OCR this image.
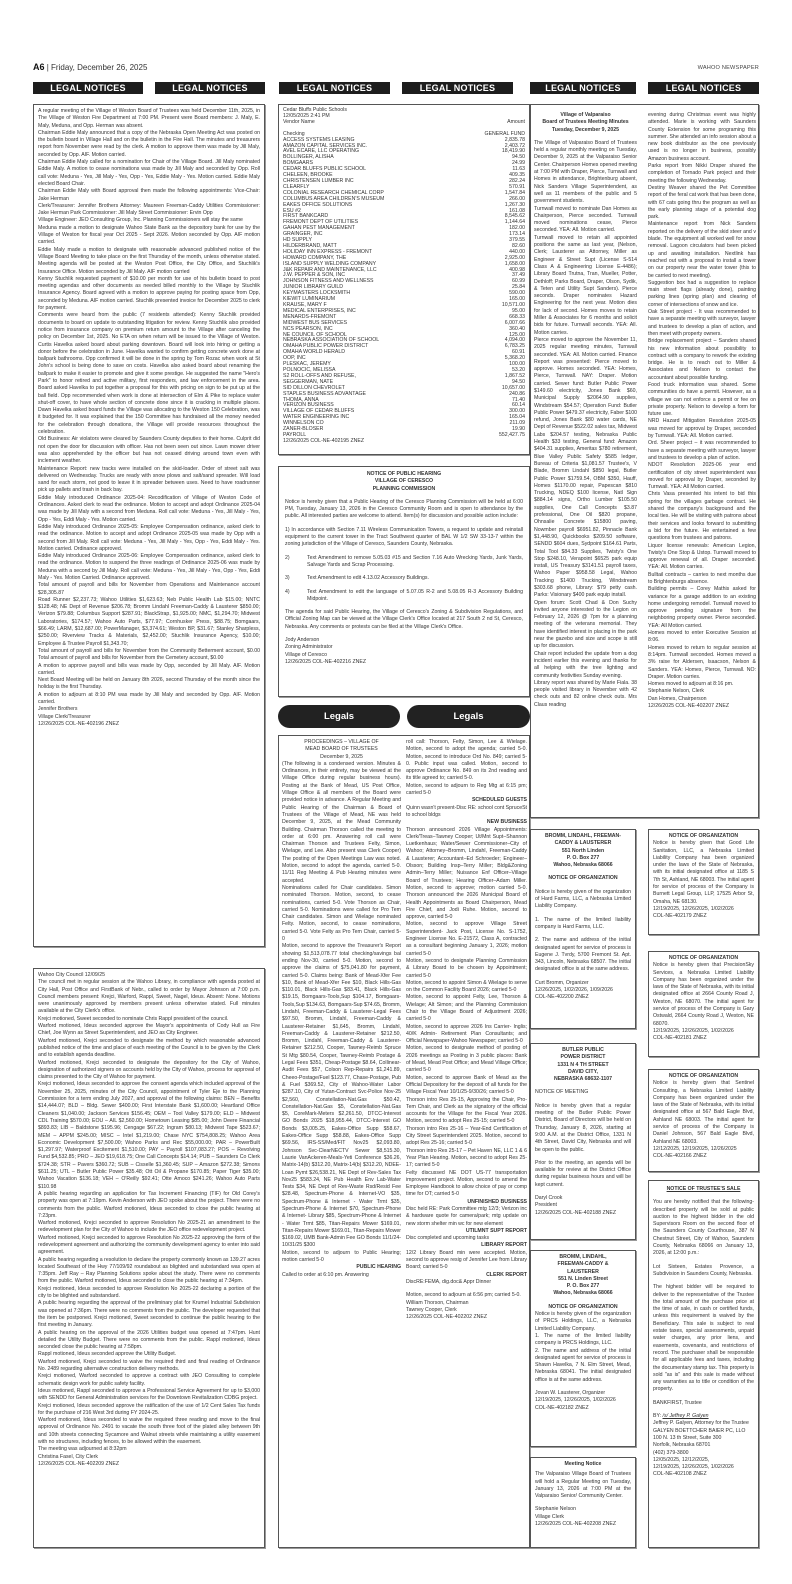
A6 | Friday, December 26, 2025	WAHOO NEWSPAPER
LEGAL NOTICES	LEGAL NOTICES	LEGAL NOTICES	LEGAL NOTICES	LEGAL NOTICES	LEGAL NOTICES

A regular meeting of the Village of Weston Board of Trustees was held December 11th, 2025, in The Village of Weston Fire Department at 7:00 PM. Present were Board members: J. Maly, E. Maly, Meduna, and Opp. Herman was absent.

Chairman Eddie Maly announced that a copy of the Nebraska Open Meeting Act was posted on the bulletin board in Village Hall and on the bulletin in the Fire Hall. The minutes and treasurers report from November were read by the clerk. A motion to approve them was made by Jill Maly, seconded by Opp. AIF. Motion carried.

Chairman Eddie Maly called for a nomination for Chair of the Village Board. Jill Maly nominated Eddie Maly. A motion to cease nominations was made by Jill Maly and seconded by Opp. Roll call vote: Meduna - Yes, Jill Maly - Yes, Opp - Yes, Eddie Maly - Yes. Motion carried. Eddie Maly elected Board Chair.

Chairman Eddie Maly with Board approval then made the following appointments: Vice-Chair: Jake Herman

Clerk/Treasurer: Jennifer Brothers Attorney: Maureen Freeman-Caddy Utilities Commissioner: Jake Herman Park Commissioner: Jill Maly Street Commissioner: Ervin Opp

Village Engineer: JEO Consulting Group, Inc. Planning Commissioners will stay the same

Meduna made a motion to designate Wahoo State Bank as the depository bank for use by the Village of Weston for fiscal year Oct 2025 - Sept 2026. Motion seconded by Opp. AIF motion carried.

Eddie Maly made a motion to designate with reasonable advanced published notice of the Village Board Meeting to take place on the first Thursday of the month, unless otherwise stated. Meeting agenda will be posted at the Weston Post Office, the City Office, and Stuchlik's Insurance Office. Motion seconded by Jill Maly. AIF motion carried

Kenny Stuchlik requested payment of $10.00 per month for use of his bulletin board to post meeting agendas and other documents as needed billed monthly to the Village by Stuchlik Insurance Agency. Board agreed with a motion to approve paying for posting space from Opp, seconded by Meduna. AIF motion carried. Stuchlik presented invoice for December 2025 to clerk for payment.

Comments were heard from the public (7 residents attended): Kenny Stuchlik provided documents to board on update to outstanding litigation for review. Kenny Stuchlik also provided notice from insurance company on premium return amount to the Village after canceling the policy on December 1st, 2025. No ETA on when return will be issued to the Village of Weston. Curtis Havelka asked board about parking downtown. Board will look into hiring or getting a donor before the celebration in June. Havelka wanted to confirm getting concrete work done at ballpark bathrooms. Opp confirmed it will be done in the spring by Tom Rozac when work at St John's school is being done to save on costs. Havelka also asked board about renaming the ballpark to make it easier to promote and give it some prestige. He suggested the name "Hero's Park" to honor retired and active military, first responders, and law enforcement in the area. Board asked Havelka to put together a proposal for this with pricing on sign to be put up at the ball field. Opp recommended when work is done at intersection of Elm & Pike to replace water shut-off cover, to have whole section of concrete done since it is cracking in multiple places. Dawn Havelka asked board funds the Village was allocating to the Weston 150 Celebration, was it budgeted for. It was explained that the 150 Committee has fundraised all the money needed for the celebration through donations, the Village will provide resources throughout the celebration.

Old Business: Air violators were cleared by Saunders County deputies to their home. Culprit did not open the door for discussion with officer. Has not been seen out since. Lawn mower driver was also apprehended by the officer but has not ceased driving around town even with inclement weather.

Maintenance Report: new tracks were installed on the skid-loader. Order of street salt was delivered on Wednesday. Trucks are ready with snow plows and salt/sand spreader. Will load sand for each storm, not good to leave it in spreader between uses. Need to have roadrunner pick up pallets and trash in back bay.

Eddie Maly introduced Ordinance 2025-04: Recodification of Village of Weston Code of Ordinances. Asked clerk to read the ordinance. Motion to accept and adopt Ordinance 2025-04 was made by Jill Maly with a second from Meduna. Roll call vote: Meduna - Yes, Jill Maly - Yes, Opp - Yes, Eddi Maly - Yes. Motion carried.

Eddie Maly introduced Ordinance 2025-05: Employee Compensation ordinance, asked clerk to read the ordinance. Motion to accept and adopt Ordinance 2025-05 was made by Opp with a second from Jill Maly. Roll call vote: Meduna - Yes, Jill Maly - Yes, Opp - Yes, Eddi Maly - Yes. Motion carried. Ordinance approved.

Eddie Maly introduced Ordinance 2025-06: Employee Compensation ordinance, asked clerk to read the ordinance. Motion to suspend the three readings of Ordinance 2025-06 was made by Meduna with a second by Jill Maly. Roll call vote: Meduna - Yes, Jill Maly - Yes, Opp - Yes, Eddi Maly - Yes. Motion Carried. Ordinance approved.

Total amount of payroll and bills for November from Operations and Maintenance account $28,305.87

Road Runner $2,237.73; Wahoo Utilities $1,623.63; Neb Public Health Lab $15.00; NNTC $128.48; NE Dept of Revenue $206.78; Bromm Lindahl Freeman-Caddy & Lausterer $850.00; Verizon $79.88; Columbus Support $287.91; BlackStrap, $1,925.00; NMC, $1,294.70; Midwest Laboratories, $174.57; Wahoo Auto Parts, $77.97; Cornhusker Press, $88.75; Bomgaars, $66.49; LARM, $12,687.00; PowerManager, $3,374.61; Weston BP, $31.67; Stanley Sharpless, $250.00; Riverview Tracks & Materials, $2,452.00; Stuchlik Insurance Agency, $10.00; Employee & Trustee Payroll $1,343.70;

Total amount of payroll and bills for November from the Community Betterment account, $0.00 Total amount of payroll and bills for November from the Cemetery account, $0.00

A motion to approve payroll and bills was made by Opp, seconded by Jill Maly. AIF. Motion carried.

Next Board Meeting will be held on January 8th 2026, second Thursday of the month since the holiday is the first Thursday.

A motion to adjourn at 8:10 PM was made by Jill Maly and seconded by Opp. AIF. Motion carried.

Jennifer Brothers

Village Clerk/Treasurer

12/26/2025 COL-NE-402196 ZNEZ

Wahoo City Council 12/09/25

The council met in regular session at the Wahoo Library, in compliance with agenda posted at City Hall, Post Office and FirstBank of Nebr., called to order by Mayor Johnson at 7:00 p.m. Council members present: Krejci, Warford, Rappl, Sweet, Nagel, Ideus. Absent: None. Motions were unanimously approved by members present unless otherwise stated. Full minutes available at the City Clerk's office.

Krejci motioned, Sweet seconded to nominate Chris Rappl president of the council.

Warford motioned, Ideus seconded approve the Mayor's appointments of Cody Hull as Fire Chief, Joe Wynn as Street Superintendent, and JEO as City Engineer.

Warford motioned, Krejci seconded to designate the method by which reasonable advanced published notice of the time and place of each meeting of the Council is to be given by the Clerk and to establish agenda deadline.

Warford motioned, Krejci seconded to designate the depository for the City of Wahoo, designation of authorized signers on accounts held by the City of Wahoo, process for approval of claims presented to the City of Wahoo for payment.

Krejci motioned, Ideus seconded to approve the consent agenda which included approval of the November 25, 2025, minutes of the City Council, appointment of Tyler Eje to the Planning Commission for a term ending July 2027, and approval of the following claims: BEN – Benefits $14,444.07; BLD – Bldg. Sewer $400.00; First Interstate Bank $1,600.00; Heartland Office Cleaners $1,040.00; Jackson Services $156.45; OEM – Tool Valley $179.00; ELD – Midwest CDL Training $570.00; EOU – AIL $2,560.00; Hometown Leasing $85.00; John Deere Financial $893.83; LIB – Baldstone $195.96; Cengage $67.22; Ingram $80.13; Midwest Tape $523.67; MEM – APPM $245.00; MISC – Intel $1,219.00; Chase NYC $754,808.25; Wahoo Area Economic Development $7,500.00; Wahoo Parks and Rec $55,000.00; PAR – PowerBuilt $1,297.97; Waterproof Excitement $1,510.00; PAY – Payroll $107,083.27; POS – Revolving Fund $4,532.85; PRO – JEO $19,618.75; One Call Concepts $14.14; PUB – Saunders Co Clerk $724.38; STR – Pavers $360.72; SUB – Cisselle $1,360.45; SUP – Amazon $272.38; Simons $611.25; UTL – Butler Public Power $35.48; Ott Oil & Propane $170.85; Paper Tiger $35.00; Wahoo Vacation $136.18; VEH – O'Reilly $92.41; Otte Amoco $241.26; Wahoo Auto Parts $110.98

A public hearing regarding an application for Tax Increment Financing (TIF) for Old Corey's property was open at 7:19pm. Kevin Anderson with JEO spoke about the project. There were no comments from the public. Warford motioned, Ideus seconded to close the public hearing at 7:23pm.

Warford motioned, Krejci seconded to approve Resolution No 2025-21 an amendment to the redevelopment plan for the City of Wahoo to include the JEO office redevelopment project.

Warford motioned, Krejci seconded to approve Resolution No 2025-22 approving the form of the redevelopment agreement and authorizing the community development agency to enter into said agreement.

A public hearing regarding a resolution to declare the property commonly known as 139.27 acres located Southeast of the Hwy 77/109/92 roundabout as blighted and substandard was open at 7:35pm. Jeff Ray – Ray Planning Solutions spoke about the study. There were no comments from the public. Warford motioned, Ideus seconded to close the public hearing at 7:34pm.

Krejci motioned, Ideus seconded to approve Resolution No 2025-22 declaring a portion of the city to be blighted and substandard.

A public hearing regarding the approval of the preliminary plat for Krumel Industrial Subdivision was opened at 7:36pm. There were no comments from the public. The developer requested that the item be postponed. Krejci motioned, Sweet seconded to continue the public hearing to the first meeting in January.

A public hearing on the approval of the 2026 Utilities budget was opened at 7:47pm. Hunt detailed the Utility Budget. There were no comments from the public. Rappl motioned, Ideus seconded close the public hearing at 7:58pm.

Rappl motioned, Ideus seconded approve the Utility Budget.

Warford motioned, Krejci seconded to waive the required third and final reading of Ordinance No. 2489 regarding alternative construction delivery methods.

Krejci motioned, Warford seconded to approve a contract with JEO Consulting to complete schematic design work for public safety facility.

Ideus motioned, Rappl seconded to approve a Professional Service Agreement for up to $3,000 with SENDD for General Administration services for the Downtown Revitalization CDBG project.

Krejci motioned, Ideus seconded approve the ratification of the use of 1/2 Cent Sales Tax funds for the purchase of 216 West 3rd during FY 2024-25.

Warford motioned, Ideus seconded to waive the required three reading and move to the final approval of Ordinance No. 2491 to vacate the south three foot of the plated alley between 9th and 10th streets connecting Sycamore and Walnut streets while maintaining a utility easement with no structures, including fences, to be allowed within the easement.

The meeting was adjourned at 8:32pm

Christina Fasel, City Clerk

12/26/2025 COL-NE-402209 ZNEZ

Cedar Bluffs Public Schools
12/05/2025 2:41 PM
Vendor Name	Amount
Checking	GENERAL FUND
ACCESS SYSTEMS LEASING	2,835.78
AMAZON CAPITAL SERVICES INC.	2,403.72
AVEL ECARE, LLC OPERATING	18,419.90
BOLLINGER, ALISHA	94.50
BOMGAARS	24.99
CEDAR BLUFFS PUBLIC SCHOOL	11.63
CHELEEN, BROOKE	409.35
CHRISTENSEN LUMBER INC	282.24
CLEARFLY	570.91
COLONIAL RESEARCH CHEMICAL CORP	1,547.84
COLUMBUS AREA CHILDREN'S MUSEUM	266.00
EAKES OFFICE SOLUTIONS	1,267.30
ESU #2	161.08
FIRST BANKCARD	8,545.62
FREMONT DEPT OF UTILITIES	1,144.64
GAHAN PEST MANAGEMENT	182.00
GRAINGER, INC	173.14
HD SUPPLY	379.55
HILDERBRAND, MATT	82.60
HOLIDAY INN EXPRESS - FREMONT	440.00
HOWARD COMPANY, THE	2,925.00
ISLAND SUPPLY WELDING COMPANY	1,658.00
J&K REPAIR AND MAINTENANCE, LLC	400.98
J.W. PEPPER & SON, INC	37.49
JOHNSON FITNESS AND WELLNESS	60.99
JUNIOR LIBRARY GUILD	25.84
KEYMASTERS LOCKSMITH	590.00
KIEWIT LUMINARIUM	165.00
KRAUSE, MARY F	10,571.00
MEDICAL ENTERPRISES, INC	95.00
MENARDS-FREMONT	668.33
MIDWEST BUS SERVICES	6,007.66
NCS PEARSON, INC	360.40
NE COUNCIL OF SCHOOL	125.00
NEBRASKA ASSOCIATION OF SCHOOL	4,094.00
OMAHA PUBLIC POWER DISTRICT	6,783.25
OMAHA WORLD HERALD	60.91
OOP, INC	5,368.20
PLESKAC, JEREMY	100.00
POLNOCIC, MELISSA	53.20
S2 ROLL-OFFS AND REFUSE,	1,867.52
SEGGERMAN, NATE	94.50
SID DILLON CHEVROLET	10,657.00
STAPLES BUSINESS ADVANTAGE	240.86
THOMA, ANNA	71.40
VERIZON BUSINESS	60.14
VILLAGE OF CEDAR BLUFFS	300.00
WATER ENGINEERING INC	165.04
WINNELSON CO	211.09
ZANER-BLOSER	19.90
PAYROLL	552,427.75
12/26/2025 COL-NE-402195 ZNEZ
NOTICE OF PUBLIC HEARING
VILLAGE OF CERESCO
PLANNING COMMISSION

Notice is hereby given that a Public Hearing of the Ceresco Planning Commission will be held at 6:00 PM, Tuesday, January 13, 2026 in the Ceresco Community Room and is open to attendance by the public. All interested parties are welcome to attend. Item(s) for discussion and possible action include:

1) In accordance with Section 7.11 Wireless Communication Towers, a request to update and reinstall equipment to the current tower in the Tract Southwest quarter of BAL W 1/2 SW 33-13-7 within the zoning jurisdiction of the Village of Ceresco, Saunders County, Nebraska.

2)	Text Amendment to remove 5.05.03 #15 and Section 7.16 Auto Wrecking Yards, Junk Yards, Salvage Yards and Scrap Processing.
3)	Text Amendment to edit 4.13.02 Accessory Buildings.
4)	Text Amendment to edit the language of 5.07.05 R-2 and 5.08.05 R-3 Accessory Building Midpoint.

The agenda for said Public Hearing, the Village of Ceresco's Zoning & Subdivision Regulations, and Official Zoning Map can be viewed at the Village Clerk's Office located at 217 South 2 nd St, Ceresco, Nebraska. Any comments or protests can be filed at the Village Clerk's Office.

Jody Anderson

Zoning Administrator

Village of Ceresco

12/26/2025 COL-NE-402216 ZNEZ

Legals	Legals
PROCEEDINGS – VILLAGE OF
MEAD BOARD OF TRUSTEES
December 9, 2025

(The following is a condensed version. Minutes & Ordinances, in their entirety, may be viewed at the Village Office during regular business hours). Posting at the Bank of Mead, US Post Office, Village Office & all members of the Board were provided notice in advance. A Regular Meeting and Public Hearing of the Chairman & Board of Trustees of the Village of Mead, NE was held December 9, 2025, at the Mead Community Building. Chairman Thorson called the meeting to order at 6:00 pm. Answering roll call were Chairman Thorson and Trustees Felty, Simon, Wielage, and Lee. Also present was Clerk Cooper) The posting of the Open Meetings Law was noted. Motion, second to adopt the agenda, carried 5-0. 11/11 Reg Meeting & Pub Hearing minutes were accepted.

Nominations called for Chair candidates. Simon nominated Thorson. Motion, second, to cease nominations, carried 5-0. Vote Thorson as Chair, carried 5-0. Nominations were called for Pro Tem Chair candidates. Simon and Wielage nominated Felty. Motion, second, to cease nominations, carried 5-0. Vote Felty as Pro Tem Chair, carried 5-0

Motion, second to approve the Treasurer's Report showing $1,513,078.77 total checking/savings bal ending Nov-30, carried 5-0. Motion, second to approve the claims of $75,041.80 for payment, carried 5-0. Claims being: Bank of Mead-Xfer Fee $10, Bank of Mead-Xfer Fee $10, Black Hills-Gas $110.01, Black Hills-Gas $83.41, Black Hills-Gas $19.15, Bomgaars-Tools,Sup $104.17, Bomgaars-Tools,Sup $134.63, Bomgaars-Sup $74.65, Bromm, Lindahl, Freeman-Caddy & Lausterer-Legal Fees $97.50, Bromm, Lindahl, Freeman-Caddy & Lausterer-Retainer $1,645, Bromm, Lindahl, Freeman-Caddy & Lausterer-Retainer $212.50, Bromm, Lindahl, Freeman-Caddy & Lausterer-Retainer $212.50, Cooper, Tawney-Reimb Spruce St Mtg $80.54, Cooper, Tawney-Reimb Postage & Legal Fees $351, Cheap-Postage $8.64, Collinear-Audit Fees $57, Colson Rep-Repairs $1,241.89, Cheeo-Postage/Fuel $123.77, Chase-Postage, Pub & Fuel $369.52, City of Wahoo-Water Labor $287.10, City of Yutan-Contract Svc-Police Nov-25 $2,560, Constellation-Nat.Gas $50.42, Constellation-Nat.Gas $5, Constellation-Nat.Gas $5, CoreMark-Meters $2,261.50, DTCC-Interest GO Bonds 2025 $18,955.44, DTCC-Interest GO Bonds $3,005.25, Eakes-Office Supp $58.67, Eakes-Office Supp $58.88, Eakes-Office Supp $69.56, IRS-SS/Med/FIT Nov25 $2,093.80, Johnson Svc-ClearNECTV Sewer $8,515.30, Laurie VanAckeren-Meals-Yeti Conference $36.26, Matrix-14(b) $312.20, Matrix-14(b) $312.20, NDEE-Loan Pymt $26,538.21, NE Dept of Rev-Sales Tax Nov25 $583.24, NE Pub Health Env Lab-Water Tests $34, NE Dept of Rev-Waste Rsd/Resid Fee $28.48, Spectrum-Phone & Internet-VO $35, Spectrum-Phone & Internet - Water Trmt $35, Spectrum-Phone & Internet $70, Spectrum-Phone & Internet- Library $85, Spectrum-Phone & Internet - Water Trmt $85, Titan-Repairs Mower $169.01, Titan-Repairs Mower $169.01, Titan-Repairs Mower $169.02, UMB Bank-Admin Fee GO Bonds 11/1/24-10/31/25 $300

Motion, second to adjourn to Public Hearing; motion carried 5-0

PUBLIC HEARING

Called to order at 6:10 pm. Answering

roll call: Thorson, Felty, Simon, Lee & Wielage. Motion, second to adopt the agenda; carried 5-0. Motion, second to introduce Ord No. 849; carried 5-0. Public input was called. Motion, second to approve Ordinance No. 849 on its 2nd reading and its title agreed to; carried 5-0.

Motion, second to adjourn to Reg Mtg at 6:15 pm; carried 5-0

SCHEDULED GUESTS

Quinn wasn't present-Disc RE: school cont SpruceSt to school bldgs

NEW BUSINESS

Thorson announced 2026 Village Appointments: Clerk/Treas–Tawney Cooper; Ut/Mnt Supt–Shannon Luetkenhaus; Water/Sewer Commissioner–City of Wahoo; Attorney–Bromm, Lindahl, Freeman-Caddy & Lausterer; Accountant–Ed Schroeder; Engineer–Olsson; Building Insp–Terry Miller; Bldg&Zoning Admin–Terry Miller; Nuisance Enf Officer–Village Board of Trustees; Hearing Officer–Adam Miller. Motion, second to approve; motion carried 5-0. Thorson announced the 2026 Municipal Board of Health Appointments as Board Chairperson, Mead Fire Chief, and Jodi Ruhe. Motion, second to approve, carried 5-0

Motion, second to approve Village Street Superintendent- Jack Post, License No. S-1752, Engineer License No. E-21572, Class A, contracted as a consultant beginning January 1, 2026; motion carried 5-0

Motion, second to designate Planning Commission & Library Board to be chosen by Appointment; carried 5-0

Motion, second to appoint Simon & Wielage to serve on the Common Facility Board 2026; carried 5-0

Motion, second to appoint Felty, Lee, Thorson & Wielage; Alt Simon; and the Planning Commission Chair to the Village Board of Adjustment 2026; carried 5-0

Motion, second to approve 2026 Ins Carrier- Inglis; 40/K Admin- Retirement Plan Consultants; and Official Newspaper-Wahoo Newspaper; carried 5-0

Motion, second to designate method of posting of 2026 meetings as Posting in 3 public places: Bank of Mead, Mead Post Office; and Mead Village Office; carried 5-0

Motion, second to approve Bank of Mead as the Official Depository for the deposit of all funds for the Village Fiscal Year 10/1/25-9/30/26; carried 5-0

Thorson intro Res 25-15, Approving the Chair, Pro-Tem Chair, and Clerk as the signatory of the official accounts for the Village for the Fiscal Year 2026. Motion, second to adopt Res 25-15; carried 5-0

Thorson intro Res 25-16 – Year-End Certification of City Street Superintendent 2025. Motion, second to adopt Res 25-16; carried 5-0

Thorson intro Res 25-17 – Pet Haven NE, LLC 1 & 6 Year Plan Hearing. Motion, second to adopt Res 25-17; carried 5-0

Felty discussed NE DOT US-77 transportation improvement project. Motion, second to amend the Employee Handbook to allow choice of pay or comp time for OT; carried 5-0

UNFINISHED BUSINESS

Disc held RE: Park Committee mtg 12/3; Verizon inc & hardware quote for camera/park; mtg update on new storm shelter min wc for new element

UTILMNT SUPT REPORT

Disc completed and upcoming tasks

LIBRARY REPORT

12/2 Library Board min were accepted. Motion, second to approve resig of Jennifer Lee from Library Board; carried 5-0

CLERK REPORT

DiscRE:FEMA, dig.doc& Appr Dinner

Motion, second to adjourn at 6:56 pm; carried 5-0.

William Thorson, Chairman

Tawney Cooper, Clerk

12/26/2025 COL-NE-402202 ZNEZ

Village of Valparaiso
Board of Trustees Meeting Minutes
Tuesday, December 9, 2025

The Village of Valparaiso Board of Trustees held a regular monthly meeting on Tuesday, December 9, 2025 at the Valparaiso Senior Center. Chairperson Homes opened meeting at 7:00 PM with Draper, Pierce, Turnwall and Homes in attendance, Brightenburg absent, Nick Sanders Village Superintendent, as well as 11 members of the public and 5 government students.

Turnwall moved to nominate Dan Homes as Chairperson, Pierce seconded. Turnwall moved nominations cease, Pierce seconded. YEA: All. Motion carried.

Turnwall moved to retain all appointed positions the same as last year, (Nelson, Clerk; Lausterer as Attorney, Miller as Engineer & Street Supt (License S-514 Class A & Engineering License E-4486); Library Board Trutna, Tran, Mueller, Potter, Dethloff; Parks Board, Draper, Olson, Sydik, & Teten and Utility Supt Sanders). Pierce seconds. Draper nominates Hazard Engineering for the next year. Motion dies for lack of second. Homes moves to retain Miller & Associates for 6 months and solicit bids for future. Turnwall seconds. YEA: All. Motion carries.

Pierce moved to approve the November 11, 2025 regular meeting minutes, Turnwall seconded. YEA: All. Motion carried. Finance Report was presented: Pierce moved to approve. Homes seconded. YEA: Homes, Pierce, Turnwall. NAY: Draper. Motion carried. Sewer fund: Butler Public Power $149.60 electricity, Jones Bank $60, Municipal Supply $2064.90 supplies, Windstream $54.57; Operation Fund: Butler Public Power $479.37 electricity, Faber $100 refund, Jones Bank $80 water cards, NE Dept of Revenue $522.02 sales tax, Midwest Labs $204.57 testing, Nebraska Public Health $33 testing, General fund: Amazon $404.31 supplies, Ameritas $780 retirement, Blue Valley Public Safety $585 ledger, Bureau of Criteria $1,081.57 Trustee's, V Blade, Bromm Lindahl $850 legal, Butler Public Power $1759.54, OBM $350, Hauff, Homes $1170.00 repair, Papescan $810 Trucking, NDEQ $100 license, Natl Sign $884.14 signs, Ortho Lumber $105.50 supplies, One Call Concepts $3.87 professional, One Oil $820 propane, Ohnsalie Concrete $15800 paving, Nowmber payroll $6951.82, Pinnacle Bank $1,448.90, Quickbooks $209.50 software, SENDD $604 dues, Sydpoint $164.61 Parts, Total Tool $84.33 Supplies, Twisty's One Stop $248.10, Verapoint $6525 park equip install, US Treasury $3141.51 payroll taxes, Wahoo Paper $958.58 Legal, Wahoo Tracking $1400 Trucking, Windstream $303.68 phone, Library: $79 petty cash. Parks: Visionary $400 park equip install.

Open forum: Scott Chad & Don Suchy invited anyone interested to the Legion on February 12, 2026 @ 7pm for a planning meeting of the veterans memorial. They have identified interest in placing in the park near the gazebo and size and scope is still up for discussion.

Chair report included the update from a dog incident earlier this evening and thanks for all helping with the tree lighting and community festivities Sunday evening.

Library report was shared by Marie Fiala. 38 people visited library in November with 42 check outs and 82 online check outs. Mrs Claus reading

evening during Christmas event was highly attended. Marie is working with Saunders County Extension for some programing this summer. She attended an info session about a new book distributor as the one previously used is no longer in business, possibly Amazon business account.

Parks report from Nikki Draper shared the completion of Tornado Park project and their meeting the following Wednesday.

Destiny Weaver shared the Pet Committee report of the feral cat work that has been done, with 67 cats going thru the program as well as the early planning stage of a potential dog park.

Maintenance report from Nick Sanders reported on the delivery of the skid steer and v blade. The equipment all worked well for snow removal. Lagoon circulators had been picked up and awaiting installation. Nextlink has reached out with a proposal to install a tower on our property near the water tower (this to be carried to next meeting).

Suggestion box had a suggestion to replace main street flags (already done), painting parking lines (spring plan) and clearing of corner of intersections of snow and ice.

Oak Street project - It was recommended to have a separate meeting with surveyor, lawyer and trustees to develop a plan of action, and then meet with property owners.

Bridge replacement project – Sanders shared his new information about possibility to contract with a company to rework the existing bridge. He is to reach out to Miller & Associates and Nelson to contact the accountant about possible funding.

Food truck information was shared. Some communities do have a permit. However, as a village we can not enforce a permit or fee on private property. Nelson to develop a form for future use.

NRD Hazard Mitigation Resolution 2025-05 was moved for approval by Draper, seconded by Turnwall. YEA: All. Motion carried.

Ord. Sheer project – it was recommended to have a separate meeting with surveyor, lawyer and trustees to develop a plan of action.

NDOT Resolution 2025-06 year end certification of city street superintendent was moved for approval by Draper, seconded by Turnwall. YEA: All Motion carried.

Chris Vasa presented his intent to bid this spring for the villages garbage contract. He shared the company's background and the local ties. He will be visiting with patrons about their services and looks forward to submitting a bid for the future. He entertained a few questions from trustees and patrons.

Liquor license renewals: American Legion, Twisty's One Stop & Ustop. Turnwall moved to approve renewal of all. Draper seconded. YEA: All. Motion carries.

Bulltail contracts – carries to next months due to Brightenburgs absence.

Building permits – Corey Mathis asked for variance for a garage addition to an existing home undergoing remodel. Turnwall moved to approve pending signature from the neighboring property owner. Pierce seconded. YEA: All Motion carried.

Homes moved to enter Executive Session at 8:06.

Homes moved to return to regular session at 8:14pm. Turnwall seconded. Homes moved a 3% raise for Aldersen, Isaacson, Nelson & Sanders. YEA: Homes, Pierce, Turnwall. NO: Draper. Motion carries.

Homes moved to adjourn at 8:16 pm.

Stephanie Nelson, Clerk

Dan Homes, Chairperson

12/26/2025 COL-NE-402207 ZNEZ

BROMM, LINDAHL, FREEMAN-

CADDY & LAUSTERER

551 North Linden

P. O. Box 277

Wahoo, Nebraska 68066

NOTICE OF ORGANIZATION

Notice is hereby given of the organization of Hard Farms, LLC, a Nebraska Limited Liability Company.

1. The name of the limited liability company is Hard Farms, LLC.

2. The name and address of the initial designated agent for service of process is Eugene J. Tvrdy, 5700 Fremont St. Apt. 343, Lincoln, Nebraska 68507. The initial designated office is at the same address.

Curt Bromm, Organizer

12/26/2025, 1/02/2026, 1/09/2026

COL-NE-402200 ZNEZ

BUTLER PUBLIC

POWER DISTRICT

1331 N 4 TH STREET

DAVID CITY,

NEBRASKA 68632-1107

NOTICE OF MEETING

Notice is hereby given that a regular meeting of the Butler Public Power District, Board of Directors will be held on Thursday, January 8, 2026, starting at 9:00 A.M. at the District Office, 1331 N 4th Street, David City, Nebraska and will be open to the public.

Prior to the meeting, an agenda will be available for review at the District Office during regular business hours and will be kept current.

Daryl Crook

President

12/26/2025 COL-NE-402188 ZNEZ

BROMM, LINDAHL,

FREEMAN-CADDY &

LAUSTERER

551 N. Linden Street

P. O. Box 277

Wahoo, Nebraska 68066

NOTICE OF ORGANIZATION

Notice is hereby given of the organization of PRCS Holdings, LLC, a Nebraska Limited Liability Company.

1. The name of the limited liability company is PRCS Holdings, LLC.

2. The name and address of the initial designated agent for service of process is Shawn Havelka, 7 N. Elm Street, Mead, Nebraska 68041. The initial designated office is at the same address.

Jovan W. Lausterer, Organizer

12/19/2025, 12/26/2025, 1/02/2026

COL-NE-402182 ZNEZ

Meeting Notice

The Valparaiso Village Board of Trustees will hold a Regular Meeting on Tuesday, January 13, 2026 at 7:00 PM at the Valparaiso Senior/ Community Center.

Stephanie Nelson

Village Clerk

12/26/2025 COL-NE-402208 ZNEZ

NOTICE OF ORGANIZATION

Notice is hereby given that Good Life Sanitation, LLC, a Nebraska Limited Liability Company has been organized under the laws of the State of Nebraska, with its initial designated office at 1185 S 7th St, Ashland, NE 68003. The initial agent for service of process of the Company is Burnett Legal Group, LLP, 17525 Arbor St, Omaha, NE 68130.

12/19/2025, 12/26/2025, 1/02/2026

COL-NE-402179 ZNEZ

NOTICE OF ORGANIZATION

Notice is hereby given that PrecisionSky Services, a Nebraska Limited Liability Company has been organized under the laws of the State of Nebraska, with its initial designated office at 2664 County Road J, Weston, NE 68070. The initial agent for service of process of the Company is Gary Ostwald, 2664 County Road J, Weston, NE 68070.

12/19/2025, 12/26/2025, 1/02/2026

COL-NE-402181 ZNEZ

NOTICE OF ORGANIZATION

Notice is hereby given that Sentinel Consulting, a Nebraska Limited Liability Company has been organized under the laws of the State of Nebraska, with its initial designated office at 567 Bald Eagle Blvd, Ashland NE 68003. The initial agent for service of process of the Company is Daniel Johnson, 567 Bald Eagle Blvd, Ashland NE 68003.

12/12/2025, 12/19/2025, 12/26/2025

COL-NE-402166 ZNEZ

NOTICE OF TRUSTEE'S SALE

You are hereby notified that the following-described property will be sold at public auction to the highest bidder in the old Supervisors Room on the second floor of the Saunders County Courthouse, 387 N Chestnut Street, City of Wahoo, Saunders County, Nebraska 68066 on January 13, 2026, at 12:00 p.m.:

Lot Sixteen, Estates Provence, a Subdivision in Saunders County, Nebraska.

The highest bidder will be required to deliver to the representative of the Trustee the total amount of the purchase price at the time of sale, in cash or certified funds, unless this requirement is waived by the Beneficiary. This sale is subject to real estate taxes, special assessments, unpaid water charges, any prior liens, and easements, covenants, and restrictions of record. The purchaser shall be responsible for all applicable fees and taxes, including the documentary stamp tax. This property is sold "as is" and this sale is made without any warranties as to title or condition of the property.

BANKFIRST, Trustee

BY: /s/ Jeffrey P. Galyen

Jeffrey P. Galyen, Attorney for the Trustee

GALYEN BOETTCHER BAIER PC, LLO

100 N. 13 th Street, Suite 300

Norfolk, Nebraska 68701

(402) 379-3800

12/05/2025, 12/12/2025,

12/19/2025, 12/26/2025, 1/02/2026

COL-NE-402108 ZNEZ
